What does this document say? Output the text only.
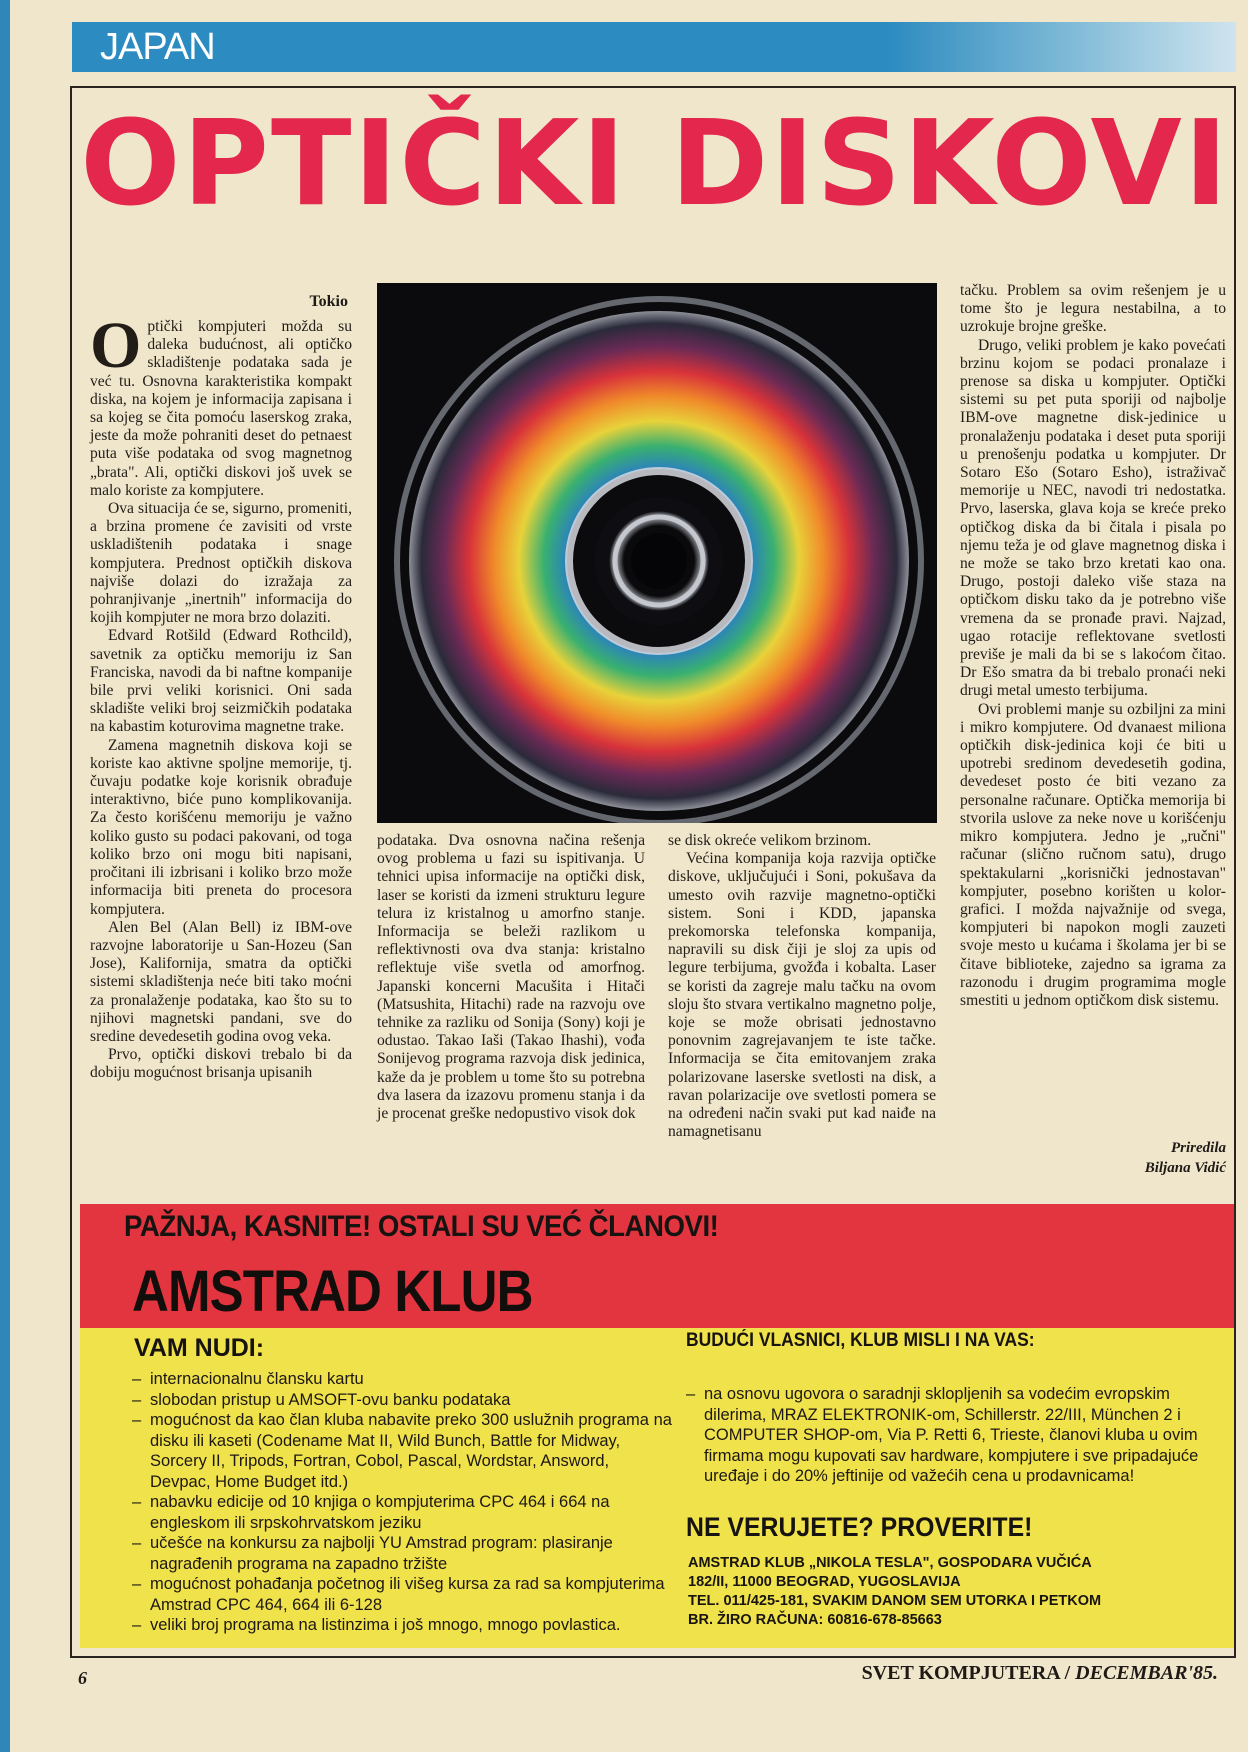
JAPAN
OPTIČKI DISKOVI
Tokio

Optički kompjuteri možda su daleka budućnost, ali optičko skladištenje podataka sada je već tu. Osnovna karakteristika kompakt diska, na kojem je informacija zapisana i sa kojeg se čita pomoću laserskog zraka, jeste da može pohraniti deset do petnaest puta više podataka od svog magnetnog „brata". Ali, optički diskovi još uvek se malo koriste za kompjutere.

Ova situacija će se, sigurno, promeniti, a brzina promene će zavisiti od vrste uskladištenih podataka i snage kompjutera. Prednost optičkih diskova najviše dolazi do izražaja za pohranjivanje „inertnih" informacija do kojih kompjuter ne mora brzo dolaziti.

Edvard Rotšild (Edward Rothcild), savetnik za optičku memoriju iz San Franciska, navodi da bi naftne kompanije bile prvi veliki korisnici. Oni sada skladište veliki broj seizmičkih podataka na kabastim koturovima magnetne trake.

Zamena magnetnih diskova koji se koriste kao aktivne spoljne memorije, tj. čuvaju podatke koje korisnik obrađuje interaktivno, biće puno komplikovanija. Za često korišćenu memoriju je važno koliko gusto su podaci pakovani, od toga koliko brzo oni mogu biti napisani, pročitani ili izbrisani i koliko brzo može informacija biti preneta do procesora kompjutera.

Alen Bel (Alan Bell) iz IBM-ove razvojne laboratorije u San-Hozeu (San Jose), Kalifornija, smatra da optički sistemi skladištenja neće biti tako moćni za pronalaženje podataka, kao što su to njihovi magnetski pandani, sve do sredine devedesetih godina ovog veka.

Prvo, optički diskovi trebalo bi da dobiju mogućnost brisanja upisanih

podataka. Dva osnovna načina rešenja ovog problema u fazi su ispitivanja. U tehnici upisa informacije na optički disk, laser se koristi da izmeni strukturu legure telura iz kristalnog u amorfno stanje. Informacija se beleži razlikom u reflektivnosti ova dva stanja: kristalno reflektuje više svetla od amorfnog. Japanski koncerni Macušita i Hitači (Matsushita, Hitachi) rade na razvoju ove tehnike za razliku od Sonija (Sony) koji je odustao. Takao Iaši (Takao Ihashi), vođa Sonijevog programa razvoja disk jedinica, kaže da je problem u tome što su potrebna dva lasera da izazovu promenu stanja i da je procenat greške nedopustivo visok dok

se disk okreće velikom brzinom.

Većina kompanija koja razvija optičke diskove, uključujući i Soni, pokušava da umesto ovih razvije magnetno-optički sistem. Soni i KDD, japanska prekomorska telefonska kompanija, napravili su disk čiji je sloj za upis od legure terbijuma, gvožđa i kobalta. Laser se koristi da zagreje malu tačku na ovom sloju što stvara vertikalno magnetno polje, koje se može obrisati jednostavno ponovnim zagrejavanjem te iste tačke. Informacija se čita emitovanjem zraka polarizovane laserske svetlosti na disk, a ravan polarizacije ove svetlosti pomera se na određeni način svaki put kad naiđe na namagnetisanu

tačku. Problem sa ovim rešenjem je u tome što je legura nestabilna, a to uzrokuje brojne greške.

Drugo, veliki problem je kako povećati brzinu kojom se podaci pronalaze i prenose sa diska u kompjuter. Optički sistemi su pet puta sporiji od najbolje IBM-ove magnetne disk-jedinice u pronalaženju podataka i deset puta sporiji u prenošenju podatka u kompjuter. Dr Sotaro Ešo (Sotaro Esho), istraživač memorije u NEC, navodi tri nedostatka. Prvo, laserska, glava koja se kreće preko optičkog diska da bi čitala i pisala po njemu teža je od glave magnetnog diska i ne može se tako brzo kretati kao ona. Drugo, postoji daleko više staza na optičkom disku tako da je potrebno više vremena da se pronađe pravi. Najzad, ugao rotacije reflektovane svetlosti previše je mali da bi se s lakoćom čitao. Dr Ešo smatra da bi trebalo pronaći neki drugi metal umesto terbijuma.

Ovi problemi manje su ozbiljni za mini i mikro kompjutere. Od dvanaest miliona optičkih disk-jedinica koji će biti u upotrebi sredinom devedesetih godina, devedeset posto će biti vezano za personalne računare. Optička memorija bi stvorila uslove za neke nove u korišćenju mikro kompjutera. Jedno je „ručni" računar (slično ručnom satu), drugo spektakularni „korisnički jednostavan" kompjuter, posebno korišten u kolor-grafici. I možda najvažnije od svega, kompjuteri bi napokon mogli zauzeti svoje mesto u kućama i školama jer bi se čitave biblioteke, zajedno sa igrama za razonodu i drugim programima mogle smestiti u jednom optičkom disk sistemu.

Priredila
Biljana Vidić
PAŽNJA, KASNITE! OSTALI SU VEĆ ČLANOVI!
AMSTRAD KLUB
VAM NUDI:
– internacionalnu člansku kartu
– slobodan pristup u AMSOFT-ovu banku podataka
– mogućnost da kao član kluba nabavite preko 300 uslužnih programa na disku ili kaseti (Codename Mat II, Wild Bunch, Battle for Midway, Sorcery II, Tripods, Fortran, Cobol, Pascal, Wordstar, Answord, Devpac, Home Budget itd.)
– nabavku edicije od 10 knjiga o kompjuterima CPC 464 i 664 na engleskom ili srpskohrvatskom jeziku
– učešće na konkursu za najbolji YU Amstrad program: plasiranje nagrađenih programa na zapadno tržište
– mogućnost pohađanja početnog ili višeg kursa za rad sa kompjuterima Amstrad CPC 464, 664 ili 6-128
– veliki broj programa na listinzima i još mnogo, mnogo povlastica.
BUDUĆI VLASNICI, KLUB MISLI I NA VAS:
– na osnovu ugovora o saradnji sklopljenih sa vodećim evropskim dilerima, MRAZ ELEKTRONIK-om, Schillerstr. 22/III, München 2 i COMPUTER SHOP-om, Via P. Retti 6, Trieste, članovi kluba u ovim firmama mogu kupovati sav hardware, kompjutere i sve pripadajuće uređaje i do 20% jeftinije od važećih cena u prodavnicama!
NE VERUJETE? PROVERITE!
AMSTRAD KLUB „NIKOLA TESLA", GOSPODARA VUČIĆA
182/II, 11000 BEOGRAD, YUGOSLAVIJA
TEL. 011/425-181, SVAKIM DANOM SEM UTORKA I PETKOM
BR. ŽIRO RAČUNA: 60816-678-85663
6	SVET KOMPJUTERA / DECEMBAR'85.
